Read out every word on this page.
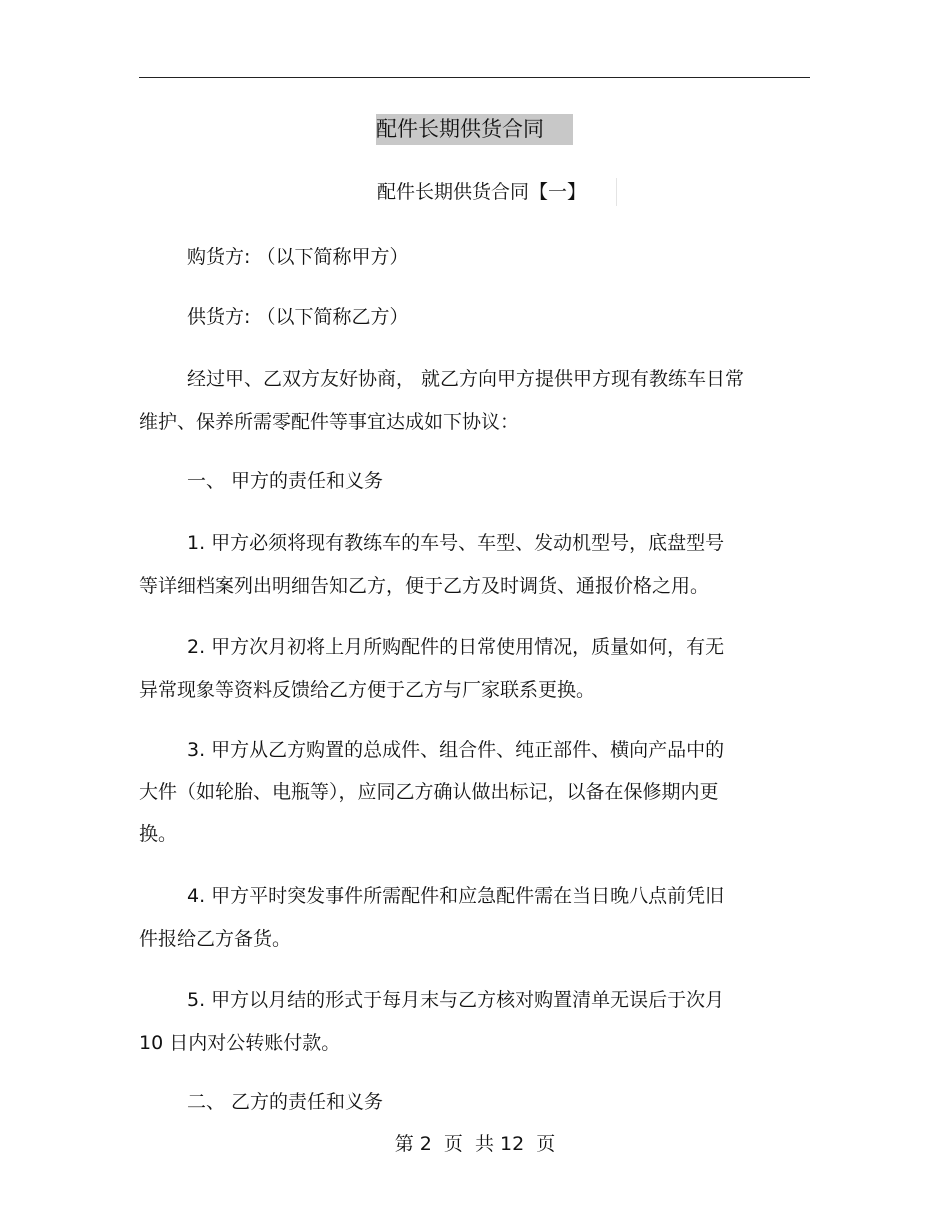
配件长期供货合同
配件长期供货合同【一】
购货方: （以下简称甲方）
供货方: （以下简称乙方）
经过甲、乙双方友好协商， 就乙方向甲方提供甲方现有教练车日常
维护、保养所需零配件等事宜达成如下协议：
一、 甲方的责任和义务
1. 甲方必须将现有教练车的车号、车型、发动机型号，底盘型号
等详细档案列出明细告知乙方，便于乙方及时调货、通报价格之用。
2. 甲方次月初将上月所购配件的日常使用情况，质量如何，有无
异常现象等资料反馈给乙方便于乙方与厂家联系更换。
3. 甲方从乙方购置的总成件、组合件、纯正部件、横向产品中的
大件（如轮胎、电瓶等），应同乙方确认做出标记，以备在保修期内更
换。
4. 甲方平时突发事件所需配件和应急配件需在当日晚八点前凭旧
件报给乙方备货。
5. 甲方以月结的形式于每月末与乙方核对购置清单无误后于次月
10 日内对公转账付款。
二、 乙方的责任和义务
第 2  页  共 12  页
